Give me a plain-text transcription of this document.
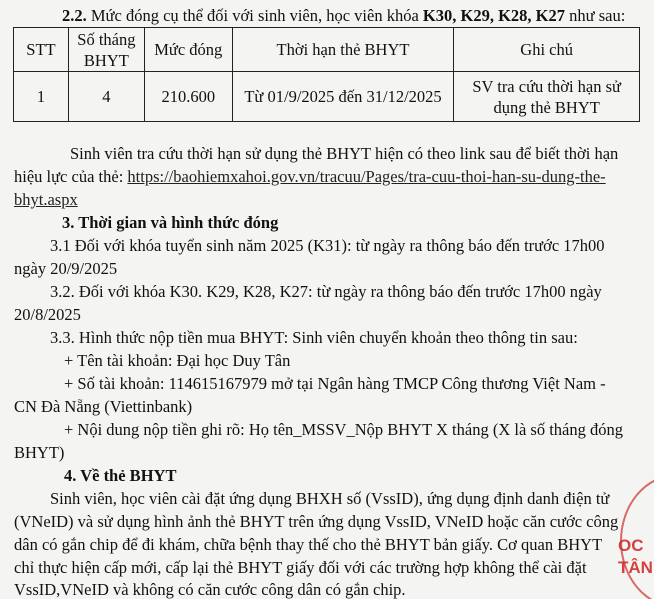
2.2. Mức đóng cụ thể đối với sinh viên, học viên khóa K30, K29, K28, K27 như sau:
STT	Số tháng BHYT	Mức đóng	Thời hạn thẻ BHYT	Ghi chú
1	4	210.600	Từ 01/9/2025 đến 31/12/2025	SV tra cứu thời hạn sử dụng thẻ BHYT
Sinh viên tra cứu thời hạn sử dụng thẻ BHYT hiện có theo link sau để biết thời hạn
hiệu lực của thẻ: https://baohiemxahoi.gov.vn/tracuu/Pages/tra-cuu-thoi-han-su-dung-the-
bhyt.aspx
3. Thời gian và hình thức đóng
3.1 Đối với khóa tuyển sinh năm 2025 (K31): từ ngày ra thông báo đến trước 17h00
ngày 20/9/2025
3.2. Đối với khóa K30. K29, K28, K27: từ ngày ra thông báo đến trước 17h00 ngày
20/8/2025
3.3. Hình thức nộp tiền mua BHYT: Sinh viên chuyển khoản theo thông tin sau:
+ Tên tài khoản: Đại học Duy Tân
+ Số tài khoản: 114615167979 mở tại Ngân hàng TMCP Công thương Việt Nam -
CN Đà Nẵng (Viettinbank)
+ Nội dung nộp tiền ghi rõ: Họ tên_MSSV_Nộp BHYT X tháng (X là số tháng đóng
BHYT)
4. Về thẻ BHYT
Sinh viên, học viên cài đặt ứng dụng BHXH số (VssID), ứng dụng định danh điện tử
(VNeID) và sử dụng hình ảnh thẻ BHYT trên ứng dụng VssID, VNeID hoặc căn cước công
dân có gắn chip để đi khám, chữa bệnh thay thế cho thẻ BHYT bản giấy. Cơ quan BHYT
chỉ thực hiện cấp mới, cấp lại thẻ BHYT giấy đối với các trường hợp không thể cài đặt
VssID,VNeID và không có căn cước công dân có gắn chip.
OC
TÂN
